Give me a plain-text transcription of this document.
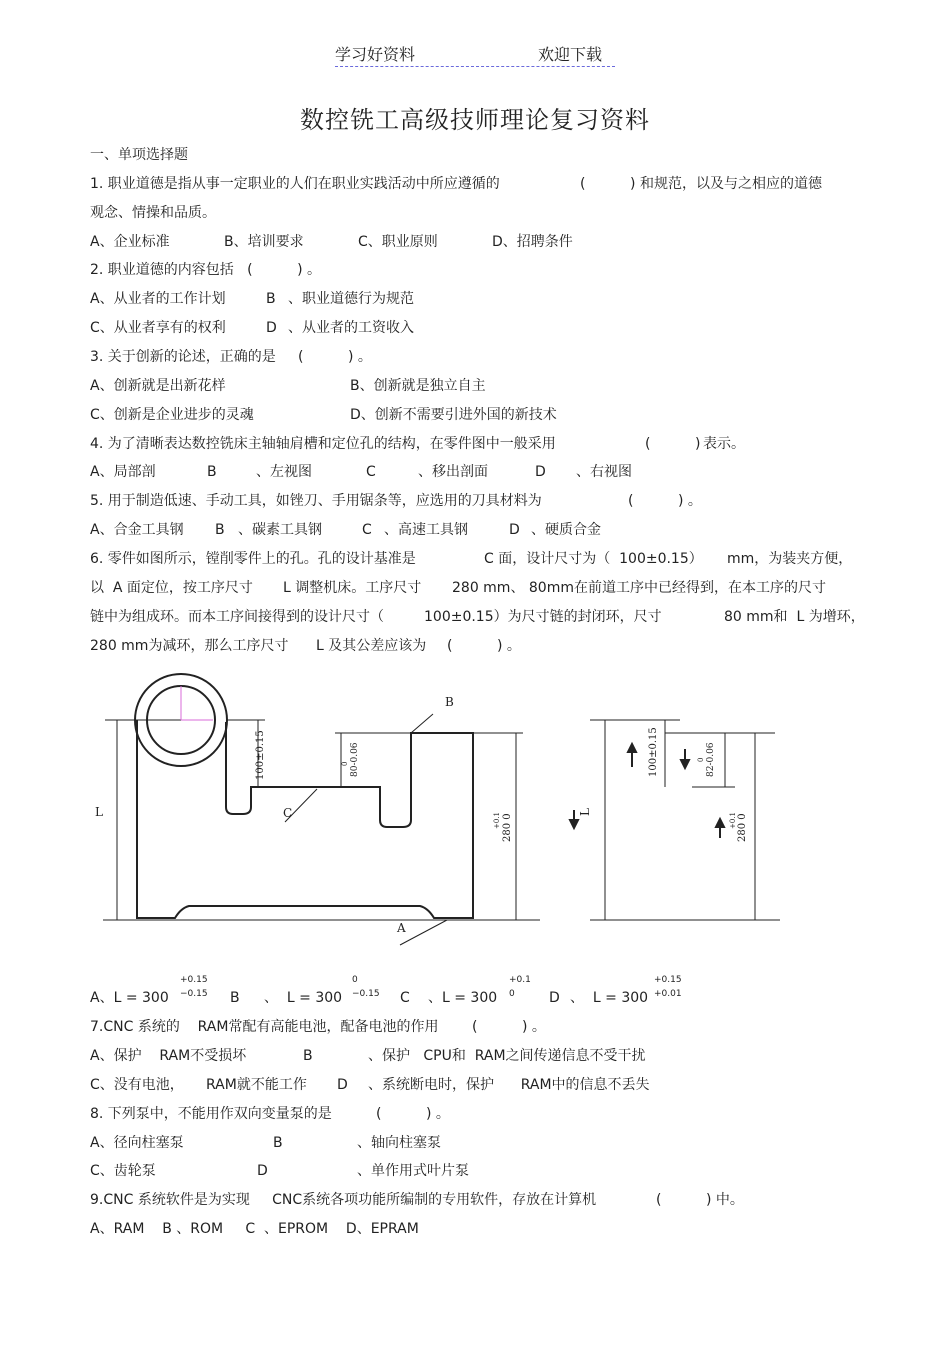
学习好资料	欢迎下载
数控铣工高级技师理论复习资料
一、单项选择题
1. 职业道德是指从事一定职业的人们在职业实践活动中所应遵循的	(          ) 和规范，以及与之相应的道德
观念、情操和品质。
A、企业标准	B、培训要求	C、职业原则	D、招聘条件
2. 职业道德的内容包括   (          ) 。
A、从业者的工作计划	B 、职业道德行为规范
C、从业者享有的权利	D 、从业者的工资收入
3. 关于创新的论述，正确的是     (          ) 。
A、创新就是出新花样	B、创新就是独立自主
C、创新是企业进步的灵魂	D、创新不需要引进外国的新技术
4. 为了清晰表达数控铣床主轴轴肩槽和定位孔的结构，在零件图中一般采用	(          ) 表示。
A、局部剖	B	、左视图	C	、移出剖面	D 、右视图
5. 用于制造低速、手动工具，如锉刀、手用锯条等，应选用的刀具材料为	(          ) 。
A、合金工具钢 B 、碳素工具钢	C 、高速工具钢	D 、硬质合金
6. 零件如图所示，镗削零件上的孔。孔的设计基准是	C 面，设计尺寸为（  100±0.15） mm，为装夹方便，
以  A 面定位，按工序尺寸 L 调整机床。工序尺寸 280 mm、 80mm在前道工序中已经得到，在本工序的尺寸
链中为组成环。而本工序间接得到的设计尺寸（	100±0.15）为尺寸链的封闭环，尺寸	80 mm和  L 为增环，
280 mm为减环，那么工序尺寸 L 及其公差应该为 (          ) 。
B
C
A
L
100±0.15	80-0.06
0
280 0
+0.1	L
100±0.15	82-0.06
0
280 0
+0.1
A、L = 300
+0.15
−0.15 B 、  L = 300
0
−0.15 C 、L = 300
+0.1
0 D 、  L = 300
+0.15
+0.01
7.CNC 系统的    RAM常配有高能电池，配备电池的作用 (          ) 。
A、保护    RAM不受损坏	B	、保护   CPU和  RAM之间传递信息不受干扰
C、没有电池，     RAM就不能工作 D 、系统断电时，保护      RAM中的信息不丢失
8. 下列泵中，不能用作双向变量泵的是	(          ) 。
A、径向柱塞泵	B	、轴向柱塞泵
C、齿轮泵	D	、单作用式叶片泵
9.CNC 系统软件是为实现     CNC系统各项功能所编制的专用软件，存放在计算机	(          ) 中。
A、RAM    B 、ROM     C  、EPROM    D、EPRAM
